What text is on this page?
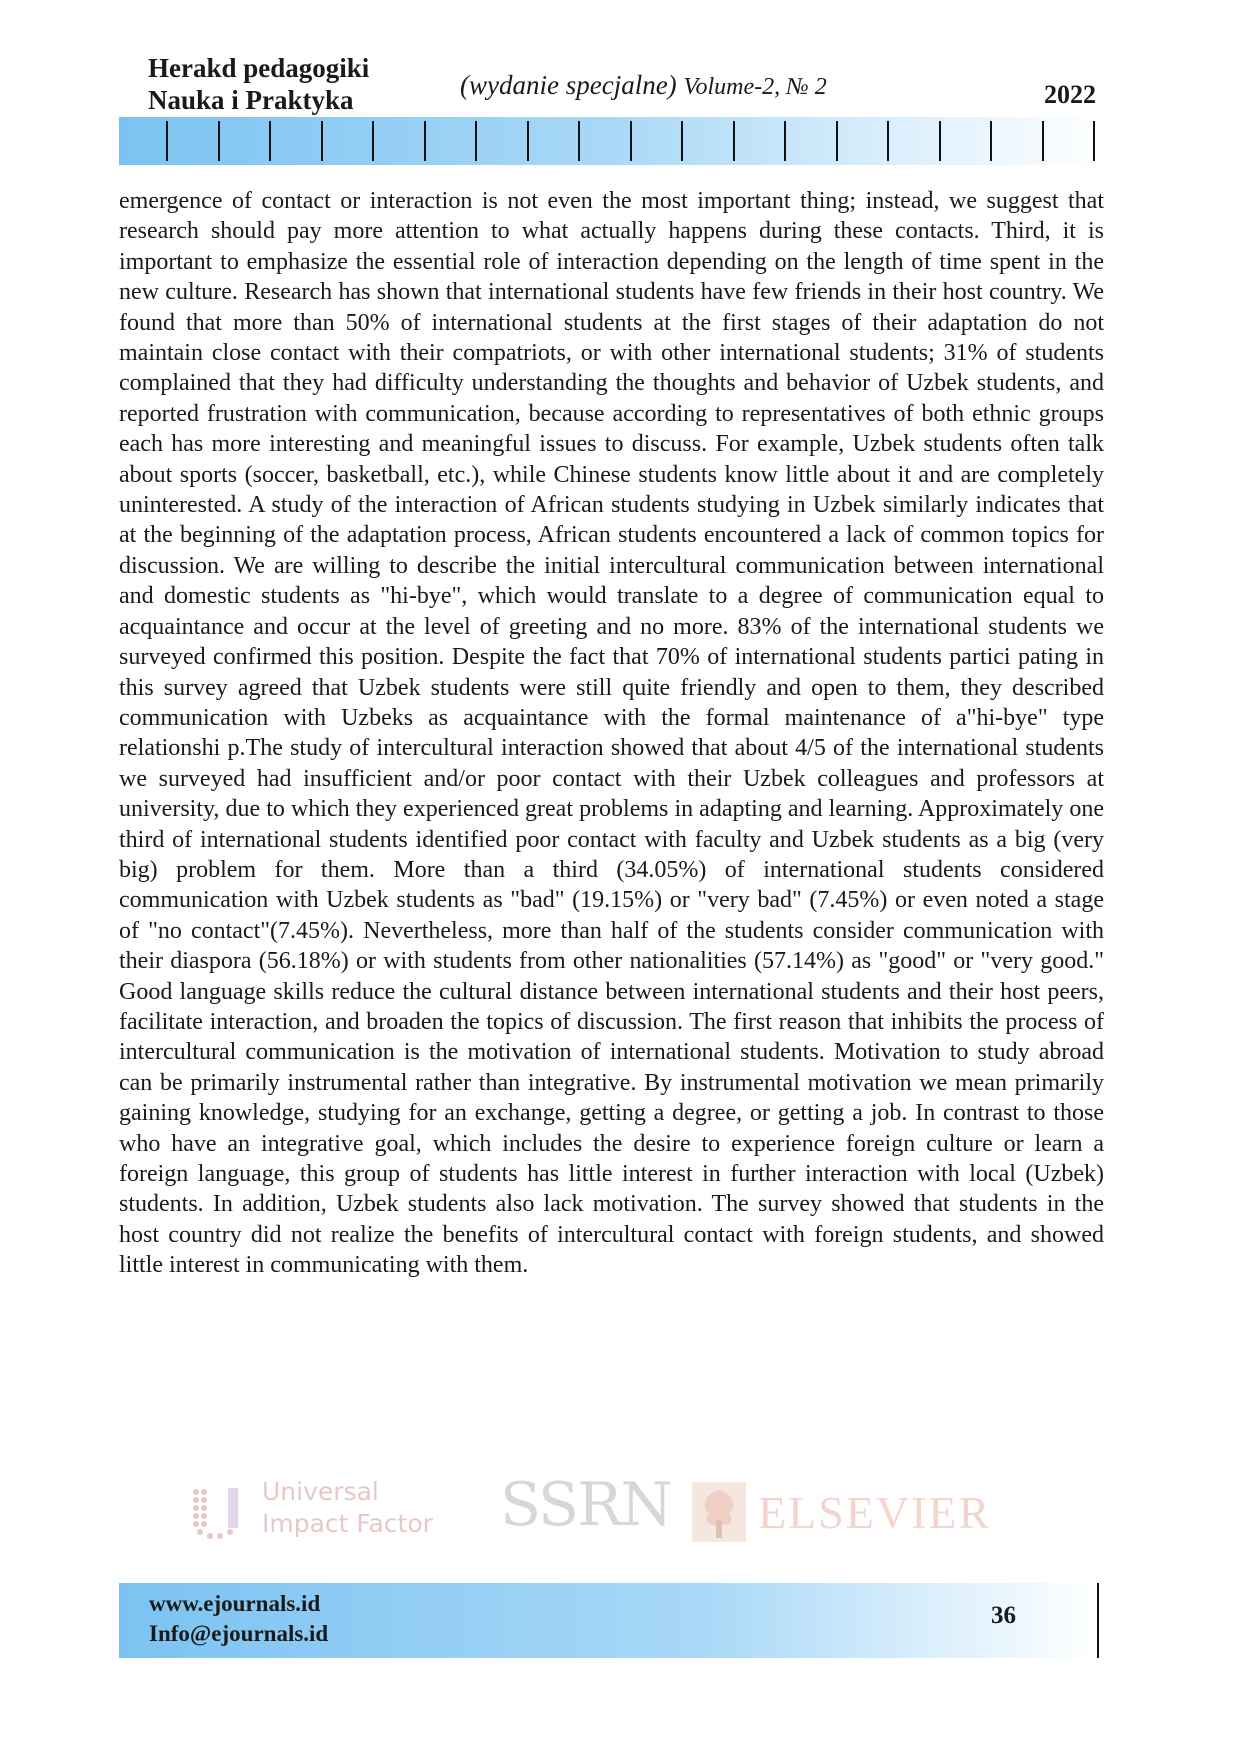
Herakd pedagogiki
Nauka i Praktyka	(wydanie specjalne) Volume-2, № 2	2022

emergence of contact or interaction is not even the most important thing; instead, we suggest that research should pay more attention to what actually happens during these contacts. Third, it is important to emphasize the essential role of interaction depending on the length of time spent in the new culture. Research has shown that international students have few friends in their host country. We found that more than 50% of international students at the first stages of their adaptation do not maintain close contact with their compatriots, or with other international students; 31% of students complained that they had difficulty understanding the thoughts and behavior of Uzbek students, and reported frustration with communication, because according to representatives of both ethnic groups each has more interesting and meaningful issues to discuss. For example, Uzbek students often talk about sports (soccer, basketball, etc.), while Chinese students know little about it and are completely uninterested. A study of the interaction of African students studying in Uzbek similarly indicates that at the beginning of the adaptation process, African students encountered a lack of common topics for discussion. We are willing to describe the initial intercultural communication between international and domestic students as "hi-bye", which would translate to a degree of communication equal to acquaintance and occur at the level of greeting and no more. 83% of the international students we surveyed confirmed this position. Despite the fact that 70% of international students partici pating in this survey agreed that Uzbek students were still quite friendly and open to them, they described communication with Uzbeks as acquaintance with the formal maintenance of a"hi-bye" type relationshi p.The study of intercultural interaction showed that about 4/5 of the international students we surveyed had insufficient and/or poor contact with their Uzbek colleagues and professors at university, due to which they experienced great problems in adapting and learning. Approximately one third of international students identified poor contact with faculty and Uzbek students as a big (very big) problem for them. More than a third (34.05%) of international students considered communication with Uzbek students as "bad" (19.15%) or "very bad" (7.45%) or even noted a stage of "no contact"(7.45%). Nevertheless, more than half of the students consider communication with their diaspora (56.18%) or with students from other nationalities (57.14%) as "good" or "very good." Good language skills reduce the cultural distance between international students and their host peers, facilitate interaction, and broaden the topics of discussion. The first reason that inhibits the process of intercultural communication is the motivation of international students. Motivation to study abroad can be primarily instrumental rather than integrative. By instrumental motivation we mean primarily gaining knowledge, studying for an exchange, getting a degree, or getting a job. In contrast to those who have an integrative goal, which includes the desire to experience foreign culture or learn a foreign language, this group of students has little interest in further interaction with local (Uzbek) students. In addition, Uzbek students also lack motivation. The survey showed that students in the host country did not realize the benefits of intercultural contact with foreign students, and showed little interest in communicating with them.

Universal
Impact Factor SSRN ELSEVIER
www.ejournals.id
Info@ejournals.id
36
